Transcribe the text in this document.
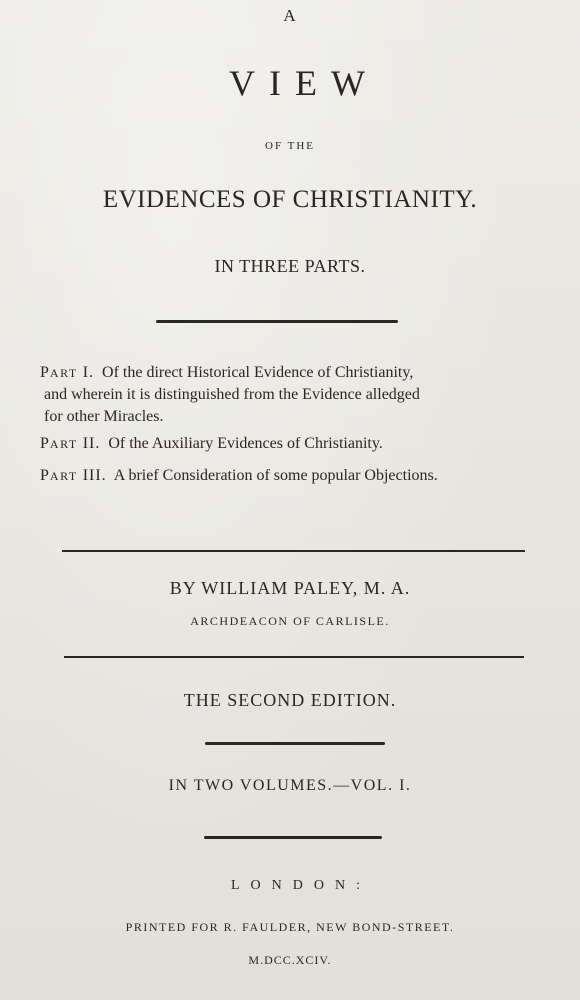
A
VIEW
OF THE
EVIDENCES OF CHRISTIANITY.
IN THREE PARTS.
PART I. Of the direct Historical Evidence of Christianity,
and wherein it is distinguished from the Evidence alledged
for other Miracles.
PART II. Of the Auxiliary Evidences of Christianity.
PART III. A brief Consideration of some popular Objections.
BY WILLIAM PALEY, M. A.
ARCHDEACON OF CARLISLE.
THE SECOND EDITION.
IN TWO VOLUMES.—VOL. I.
LONDON:
PRINTED FOR R. FAULDER, NEW BOND-STREET.
M.DCC.XCIV.
